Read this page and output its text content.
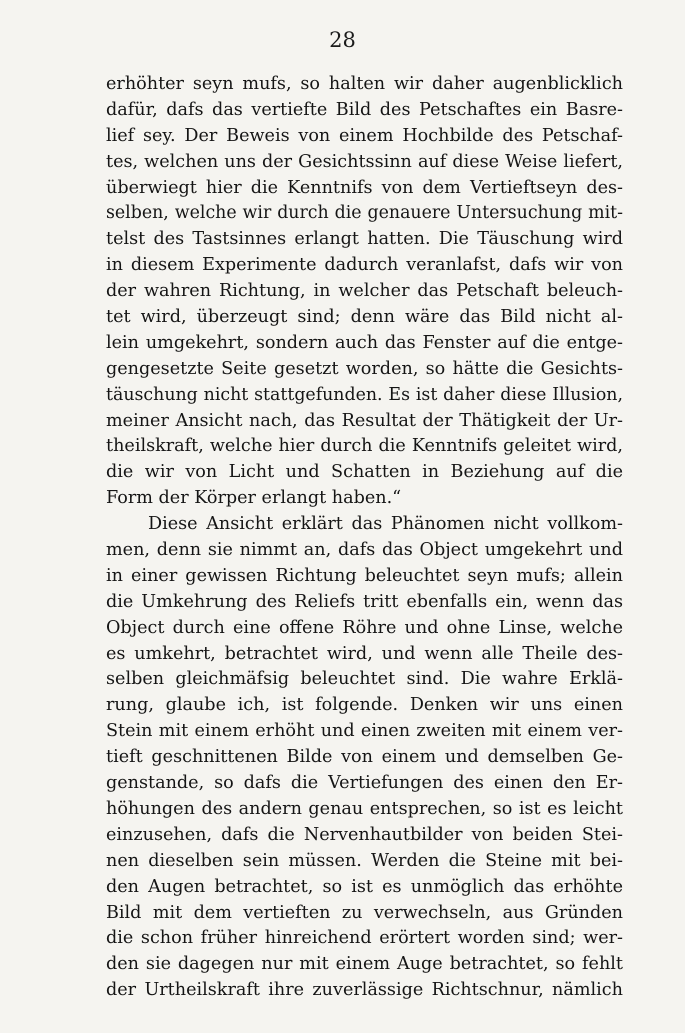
28
erhöhter seyn mufs, so halten wir daher augenblicklich
dafür, dafs das vertiefte Bild des Petschaftes ein Basre-
lief sey. Der Beweis von einem Hochbilde des Petschaf-
tes, welchen uns der Gesichtssinn auf diese Weise liefert,
überwiegt hier die Kenntnifs von dem Vertieftseyn des-
selben, welche wir durch die genauere Untersuchung mit-
telst des Tastsinnes erlangt hatten. Die Täuschung wird
in diesem Experimente dadurch veranlafst, dafs wir von
der wahren Richtung, in welcher das Petschaft beleuch-
tet wird, überzeugt sind; denn wäre das Bild nicht al-
lein umgekehrt, sondern auch das Fenster auf die entge-
gengesetzte Seite gesetzt worden, so hätte die Gesichts-
täuschung nicht stattgefunden. Es ist daher diese Illusion,
meiner Ansicht nach, das Resultat der Thätigkeit der Ur-
theilskraft, welche hier durch die Kenntnifs geleitet wird,
die wir von Licht und Schatten in Beziehung auf die
Form der Körper erlangt haben.“
Diese Ansicht erklärt das Phänomen nicht vollkom-
men, denn sie nimmt an, dafs das Object umgekehrt und
in einer gewissen Richtung beleuchtet seyn mufs; allein
die Umkehrung des Reliefs tritt ebenfalls ein, wenn das
Object durch eine offene Röhre und ohne Linse, welche
es umkehrt, betrachtet wird, und wenn alle Theile des-
selben gleichmäfsig beleuchtet sind. Die wahre Erklä-
rung, glaube ich, ist folgende. Denken wir uns einen
Stein mit einem erhöht und einen zweiten mit einem ver-
tieft geschnittenen Bilde von einem und demselben Ge-
genstande, so dafs die Vertiefungen des einen den Er-
höhungen des andern genau entsprechen, so ist es leicht
einzusehen, dafs die Nervenhautbilder von beiden Stei-
nen dieselben sein müssen. Werden die Steine mit bei-
den Augen betrachtet, so ist es unmöglich das erhöhte
Bild mit dem vertieften zu verwechseln, aus Gründen
die schon früher hinreichend erörtert worden sind; wer-
den sie dagegen nur mit einem Auge betrachtet, so fehlt
der Urtheilskraft ihre zuverlässige Richtschnur, nämlich
